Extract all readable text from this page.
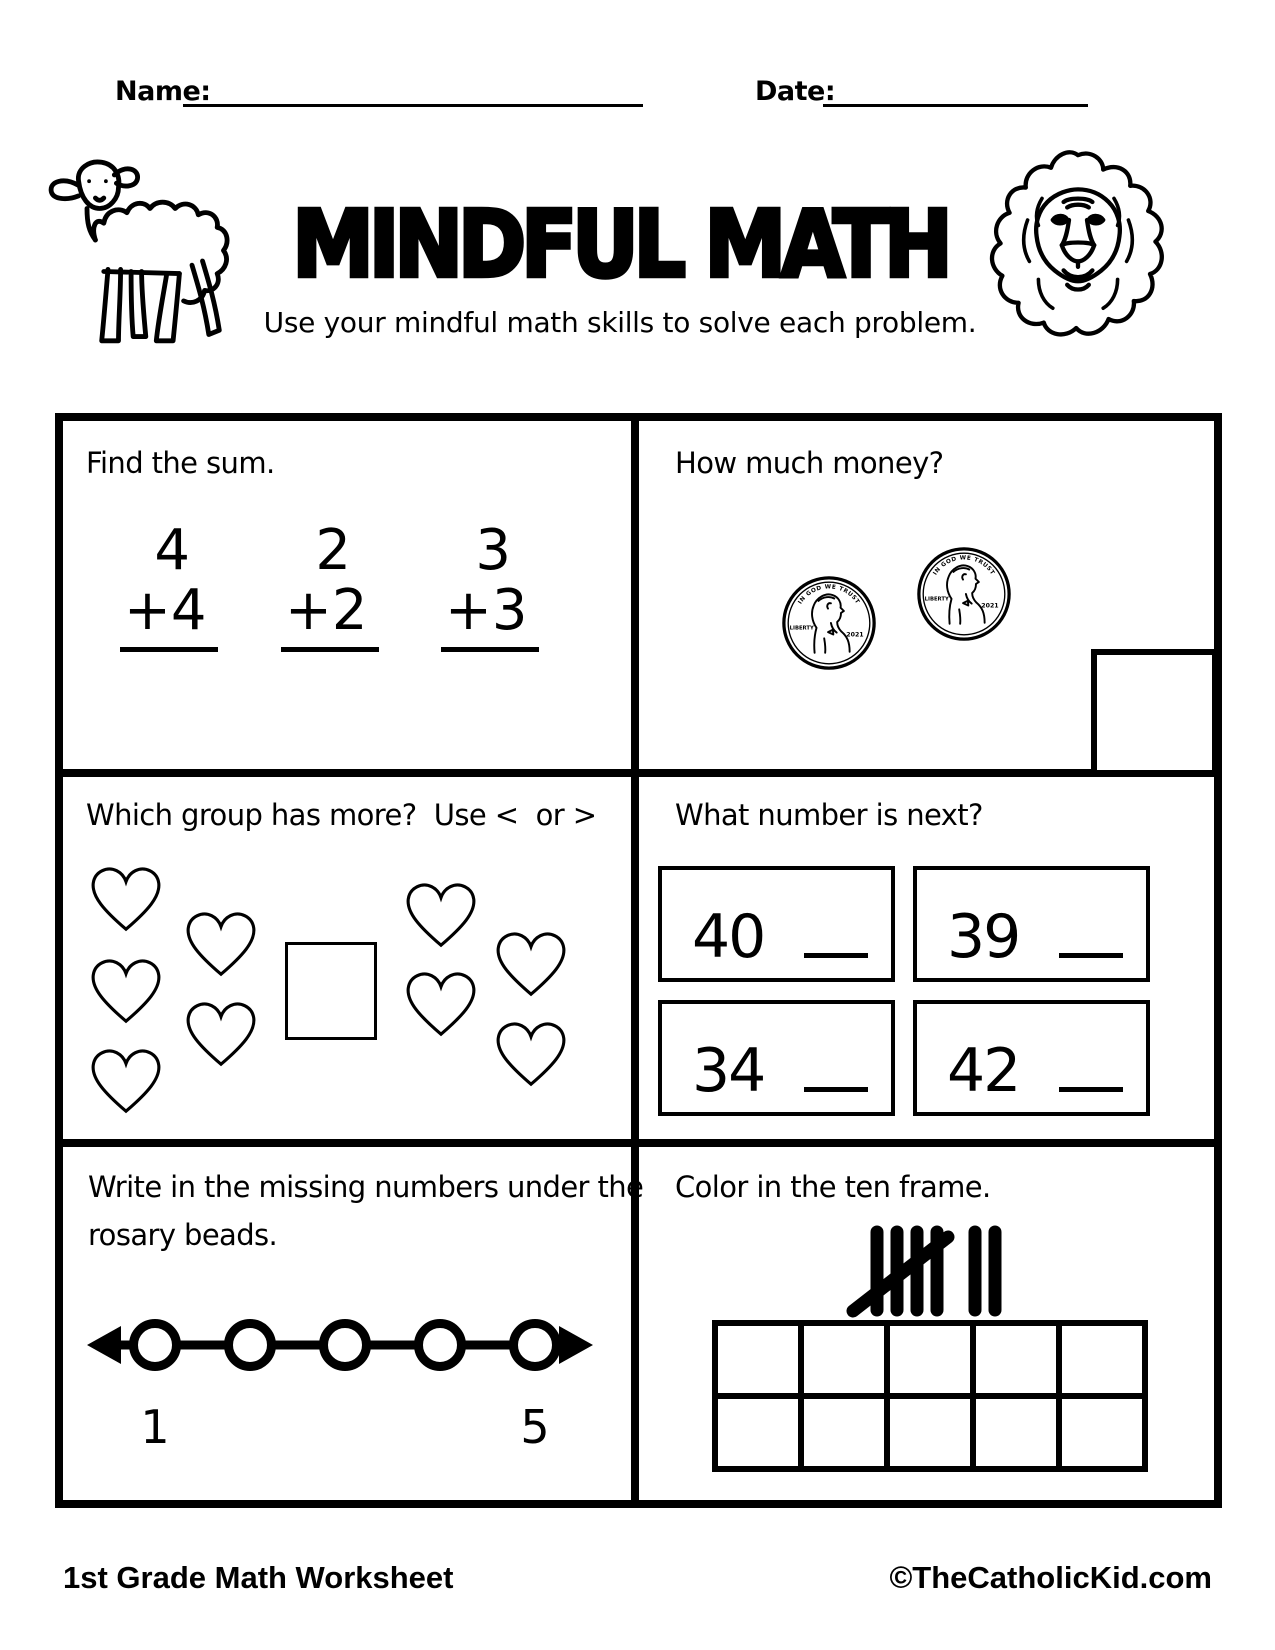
Name:	Date:
MINDFUL MATH
Use your mindful math skills to solve each problem.
Find the sum.
4
+ 4
2
+ 2
3
+ 3
How much money?
IN GOD WE TRUST
LIBERTY
2021
IN GOD WE TRUST
LIBERTY
2021
Which group has more?  Use <  or >	What number is next?
40	39
34	42
Write in the missing numbers under the
rosary beads.
1	5
Color in the ten frame.
1st Grade Math Worksheet	©TheCatholicKid.com
